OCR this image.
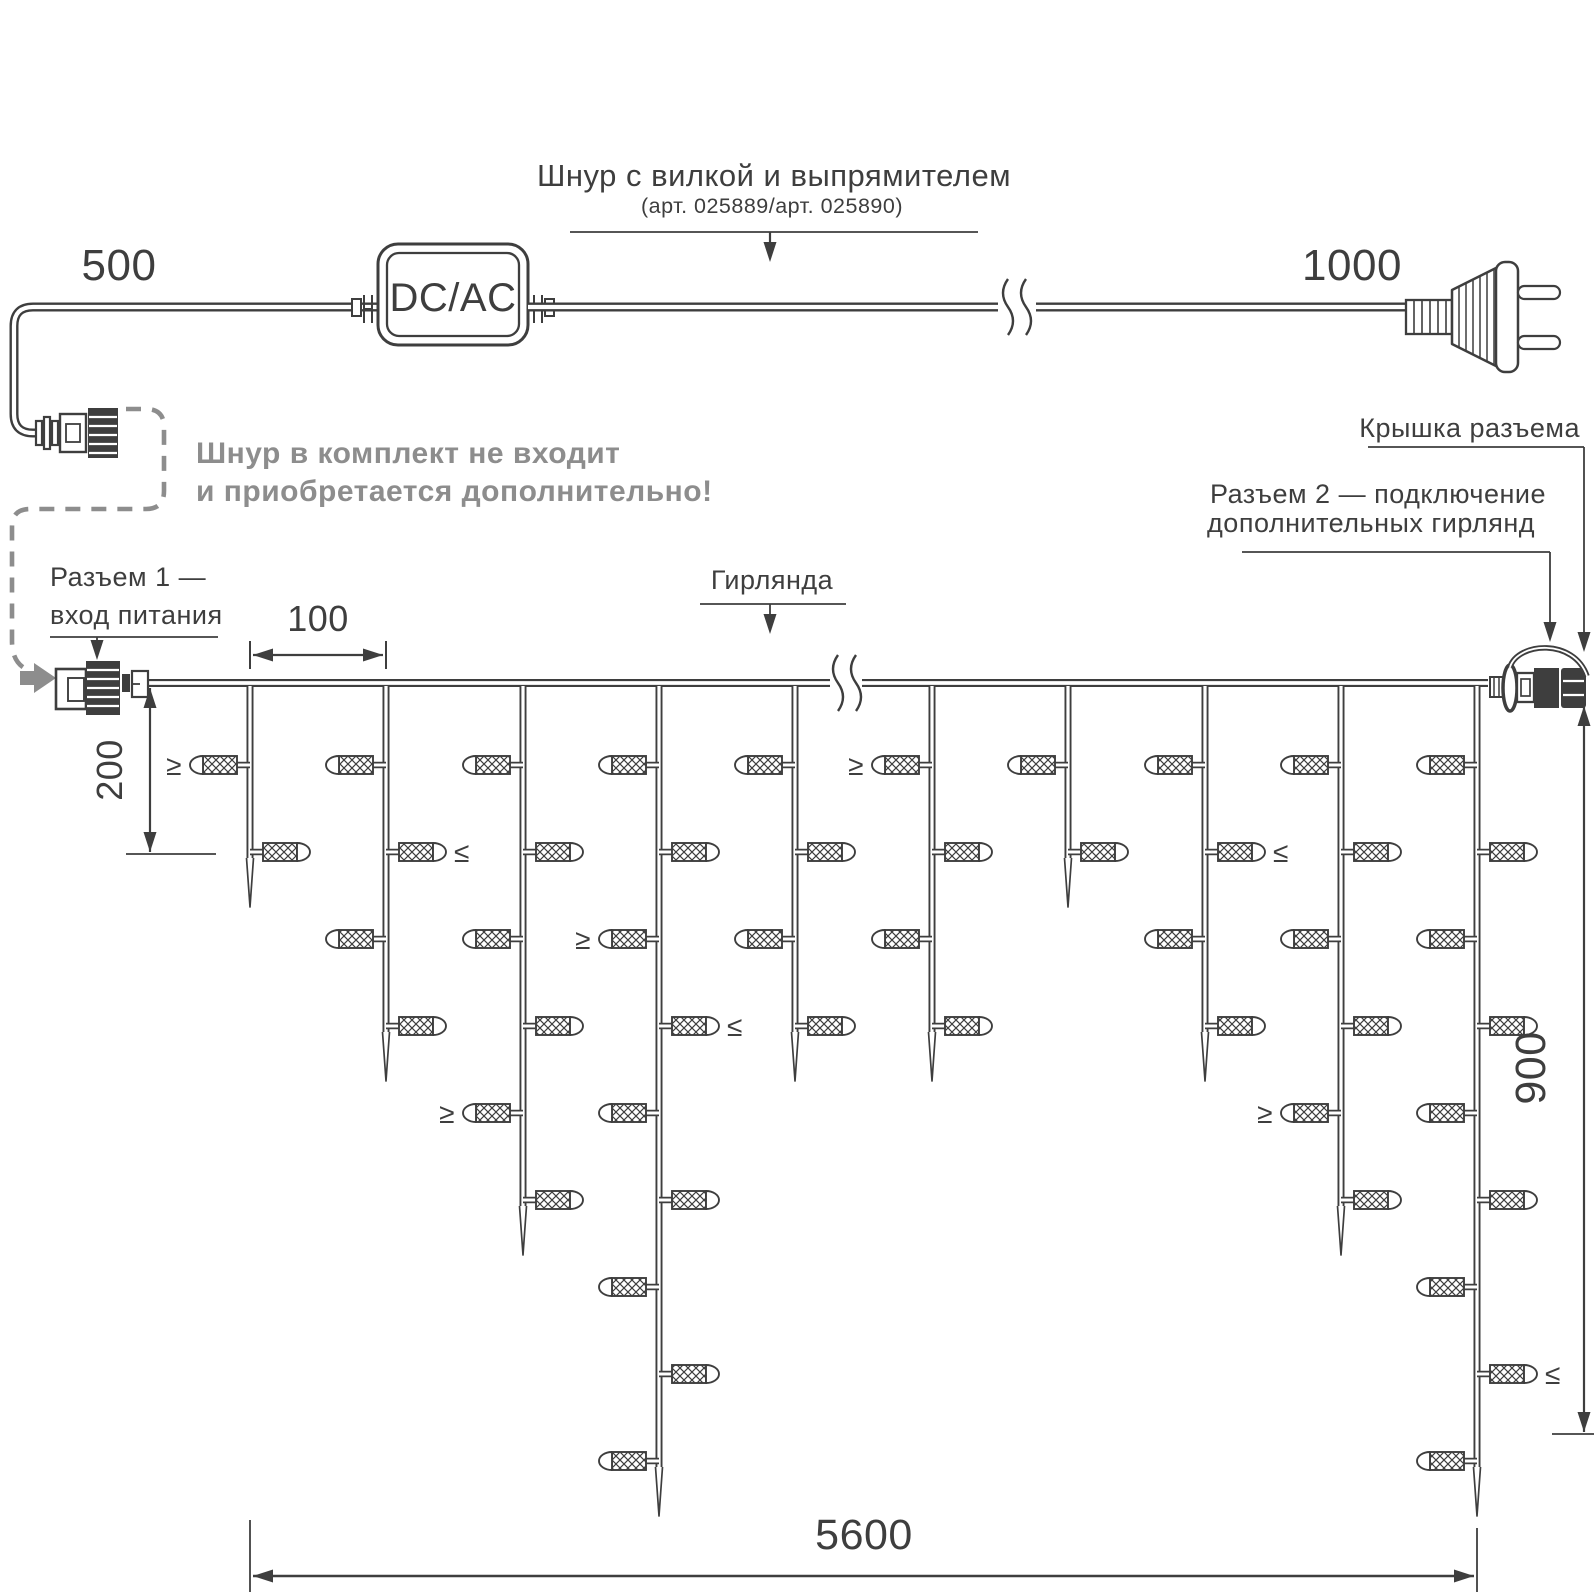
≥
≤
≥
≤
≥
≥
≤
≥
≤
Шнур с вилкой и выпрямителем
(арт. 025889/арт. 025890)
500	1000
DC/AC
Шнур в комплект не входит
и приобретается дополнительно!
Крышка разъема
Разъем 2 — подключение
дополнительных гирлянд
Разъем 1 —
вход питания
Гирлянда
100
200
900
5600
